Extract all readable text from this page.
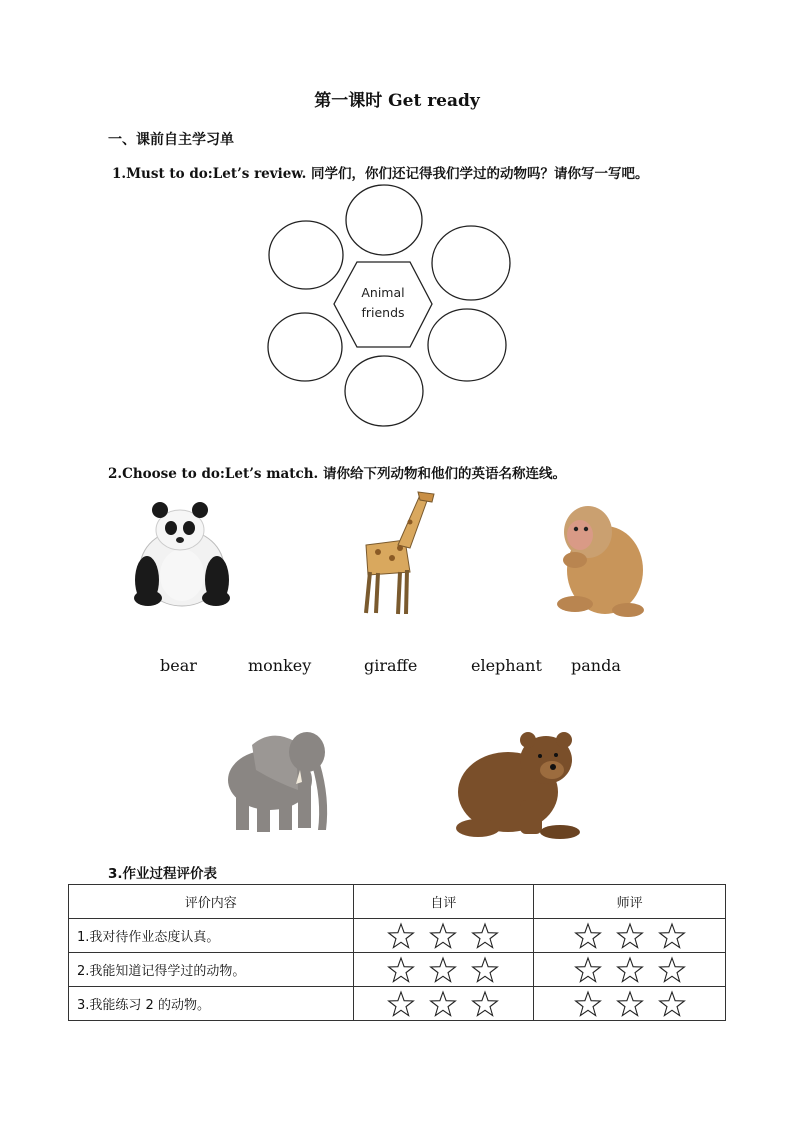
第一课时 Get ready
一、课前自主学习单
1.Must to do:Let’s review. 同学们，你们还记得我们学过的动物吗？请你写一写吧。
Animal
friends
2.Choose to do:Let’s match. 请你给下列动物和他们的英语名称连线。
bear	monkey	giraffe	elephant panda
3.作业过程评价表
评价内容	自评	师评
1.我对待作业态度认真。		
2.我能知道记得学过的动物。		
3.我能练习 2 的动物。		
